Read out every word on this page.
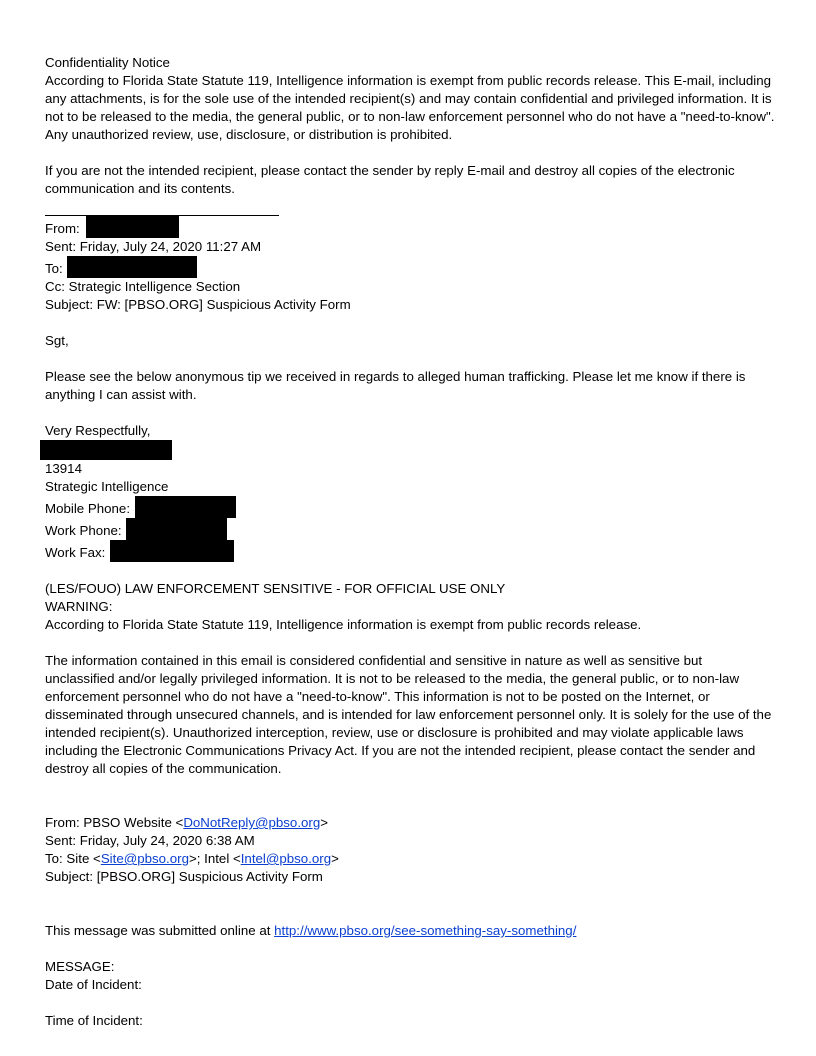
Confidentiality Notice

According to Florida State Statute 119, Intelligence information is exempt from public records release. This E-mail, including any attachments, is for the sole use of the intended recipient(s) and may contain confidential and privileged information. It is not to be released to the media, the general public, or to non-law enforcement personnel who do not have a "need-to-know". Any unauthorized review, use, disclosure, or distribution is prohibited.

If you are not the intended recipient, please contact the sender by reply E-mail and destroy all copies of the electronic communication and its contents.

From:

Sent: Friday, July 24, 2020 11:27 AM

To:

Cc: Strategic Intelligence Section

Subject: FW: [PBSO.ORG] Suspicious Activity Form

Sgt,

Please see the below anonymous tip we received in regards to alleged human trafficking. Please let me know if there is anything I can assist with.

Very Respectfully,

13914

Strategic Intelligence

Mobile Phone:

Work Phone:

Work Fax:

(LES/FOUO) LAW ENFORCEMENT SENSITIVE - FOR OFFICIAL USE ONLY

WARNING:

According to Florida State Statute 119, Intelligence information is exempt from public records release.

The information contained in this email is considered confidential and sensitive in nature as well as sensitive but unclassified and/or legally privileged information. It is not to be released to the media, the general public, or to non-law enforcement personnel who do not have a "need-to-know". This information is not to be posted on the Internet, or disseminated through unsecured channels, and is intended for law enforcement personnel only. It is solely for the use of the intended recipient(s). Unauthorized interception, review, use or disclosure is prohibited and may violate applicable laws including the Electronic Communications Privacy Act. If you are not the intended recipient, please contact the sender and destroy all copies of the communication.

From: PBSO Website <DoNotReply@pbso.org>

Sent: Friday, July 24, 2020 6:38 AM

To: Site <Site@pbso.org>; Intel <Intel@pbso.org>

Subject: [PBSO.ORG] Suspicious Activity Form

This message was submitted online at http://www.pbso.org/see-something-say-something/

MESSAGE:

Date of Incident:

Time of Incident:
